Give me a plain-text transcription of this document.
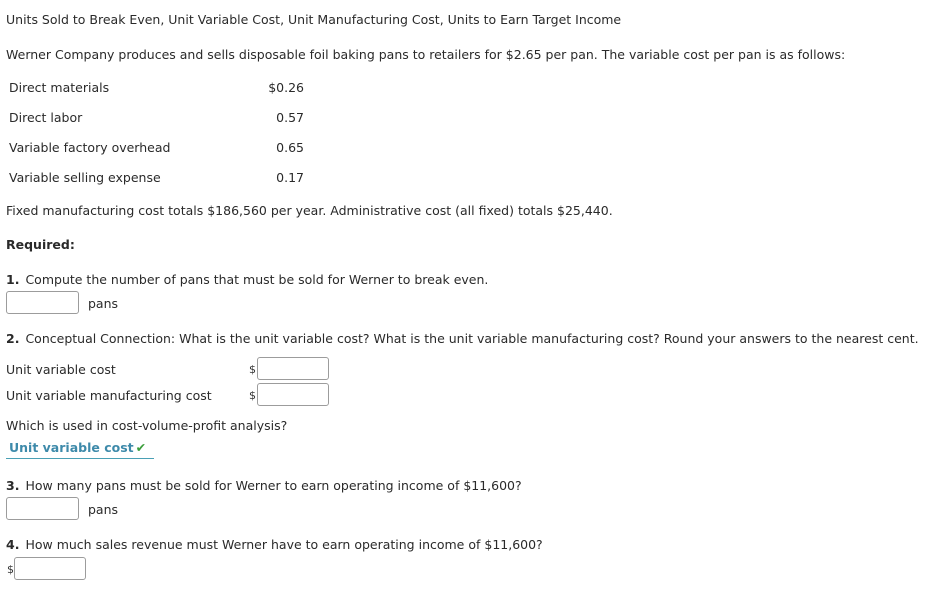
Units Sold to Break Even, Unit Variable Cost, Unit Manufacturing Cost, Units to Earn Target Income
Werner Company produces and sells disposable foil baking pans to retailers for $2.65 per pan. The variable cost per pan is as follows:
Direct materials	$0.26
Direct labor	0.57
Variable factory overhead	0.65
Variable selling expense	0.17
Fixed manufacturing cost totals $186,560 per year. Administrative cost (all fixed) totals $25,440.
Required:
1. Compute the number of pans that must be sold for Werner to break even.
pans
2. Conceptual Connection: What is the unit variable cost? What is the unit variable manufacturing cost? Round your answers to the nearest cent.
Unit variable cost	$
Unit variable manufacturing cost	$
Which is used in cost-volume-profit analysis?
Unit variable cost ✔
3. How many pans must be sold for Werner to earn operating income of $11,600?
pans
4. How much sales revenue must Werner have to earn operating income of $11,600?
$
